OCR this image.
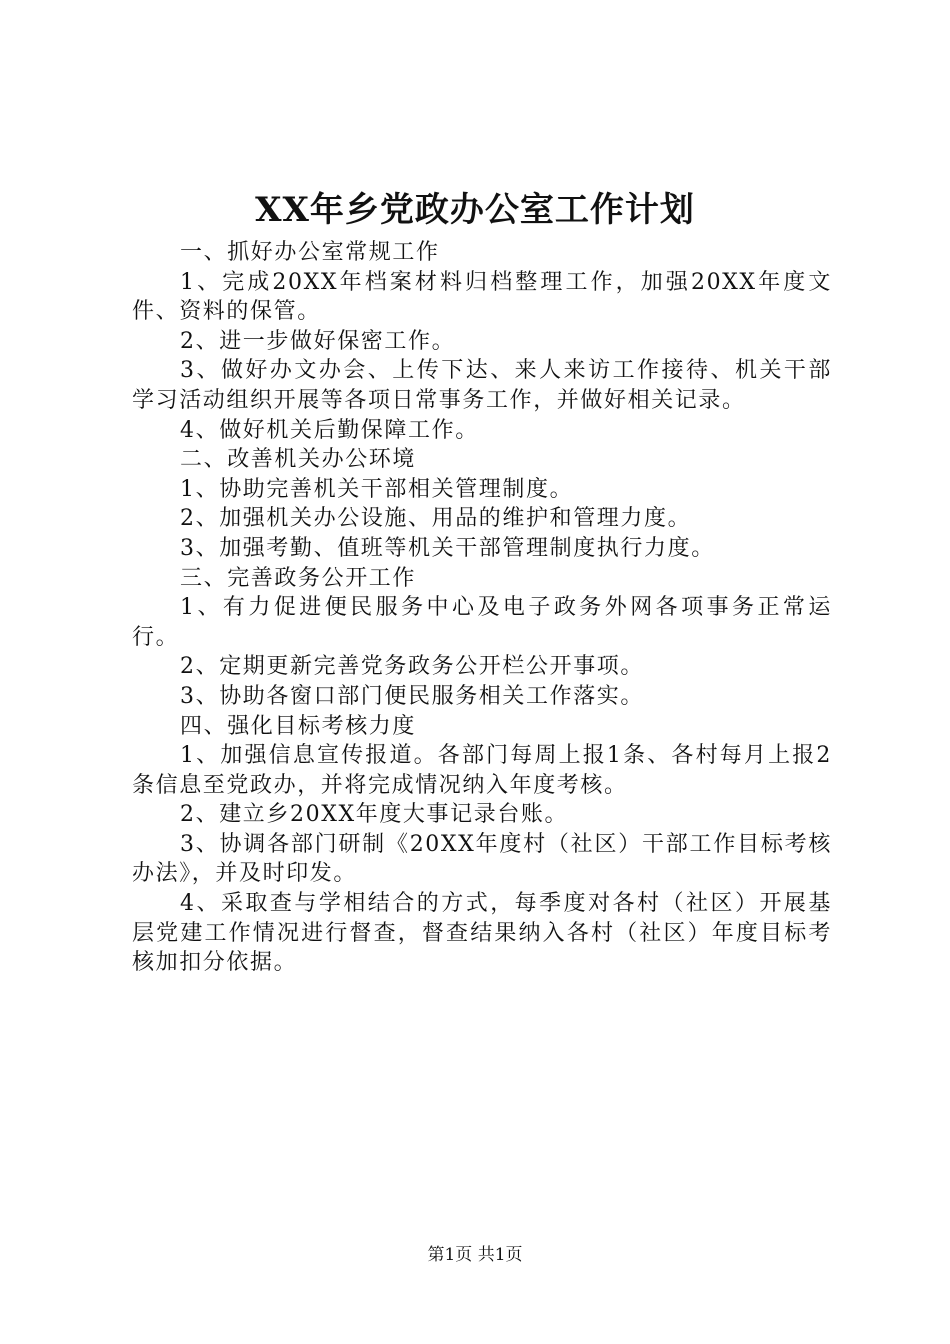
XX年乡党政办公室工作计划

一、抓好办公室常规工作

1、完成20XX年档案材料归档整理工作，加强20XX年度文件、资料的保管。

2、进一步做好保密工作。

3、做好办文办会、上传下达、来人来访工作接待、机关干部学习活动组织开展等各项日常事务工作，并做好相关记录。

4、做好机关后勤保障工作。

二、改善机关办公环境

1、协助完善机关干部相关管理制度。

2、加强机关办公设施、用品的维护和管理力度。

3、加强考勤、值班等机关干部管理制度执行力度。

三、完善政务公开工作

1、有力促进便民服务中心及电子政务外网各项事务正常运行。

2、定期更新完善党务政务公开栏公开事项。

3、协助各窗口部门便民服务相关工作落实。

四、强化目标考核力度

1、加强信息宣传报道。各部门每周上报1条、各村每月上报2条信息至党政办，并将完成情况纳入年度考核。

2、建立乡20XX年度大事记录台账。

3、协调各部门研制《20XX年度村（社区）干部工作目标考核办法》，并及时印发。

4、采取查与学相结合的方式，每季度对各村（社区）开展基层党建工作情况进行督查，督查结果纳入各村（社区）年度目标考核加扣分依据。

第1页 共1页
